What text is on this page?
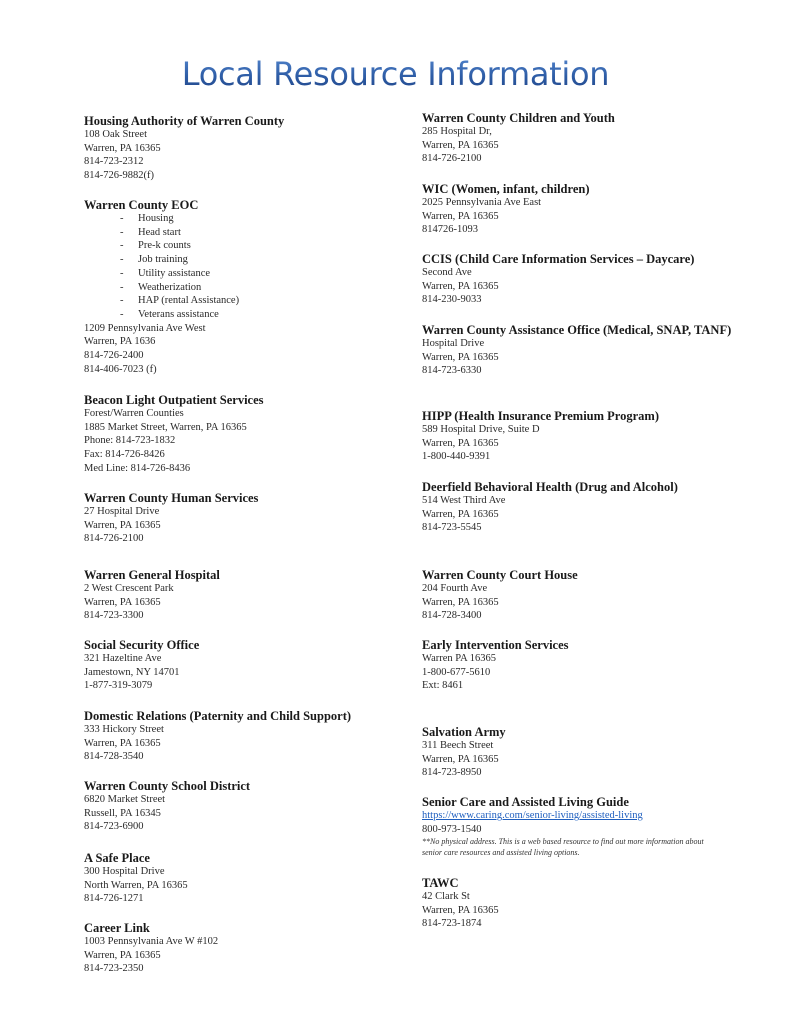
Local Resource Information
Housing Authority of Warren County
108 Oak Street
Warren, PA 16365
814-723-2312
814-726-9882(f)
Warren County EOC
- Housing
- Head start
- Pre-k counts
- Job training
- Utility assistance
- Weatherization
- HAP (rental Assistance)
- Veterans assistance
1209 Pennsylvania Ave West
Warren, PA 1636
814-726-2400
814-406-7023 (f)
Beacon Light Outpatient Services
Forest/Warren Counties
1885 Market Street, Warren, PA 16365
Phone: 814-723-1832
Fax: 814-726-8426
Med Line: 814-726-8436
Warren County Human Services
27 Hospital Drive
Warren, PA 16365
814-726-2100
Warren General Hospital
2 West Crescent Park
Warren, PA 16365
814-723-3300
Social Security Office
321 Hazeltine Ave
Jamestown, NY 14701
1-877-319-3079
Domestic Relations (Paternity and Child Support)
333 Hickory Street
Warren, PA 16365
814-728-3540
Warren County School District
6820 Market Street
Russell, PA 16345
814-723-6900
A Safe Place
300 Hospital Drive
North Warren, PA 16365
814-726-1271
Career Link
1003 Pennsylvania Ave W #102
Warren, PA 16365
814-723-2350
Warren County Children and Youth
285 Hospital Dr,
Warren, PA 16365
814-726-2100
WIC (Women, infant, children)
2025 Pennsylvania Ave East
Warren, PA 16365
814726-1093
CCIS (Child Care Information Services – Daycare)
Second Ave
Warren, PA 16365
814-230-9033
Warren County Assistance Office (Medical, SNAP, TANF)
Hospital Drive
Warren, PA 16365
814-723-6330
HIPP (Health Insurance Premium Program)
589 Hospital Drive, Suite D
Warren, PA 16365
1-800-440-9391
Deerfield Behavioral Health (Drug and Alcohol)
514 West Third Ave
Warren, PA 16365
814-723-5545
Warren County Court House
204 Fourth Ave
Warren, PA 16365
814-728-3400
Early Intervention Services
Warren PA 16365
1-800-677-5610
Ext: 8461
Salvation Army
311 Beech Street
Warren, PA 16365
814-723-8950
Senior Care and Assisted Living Guide
https://www.caring.com/senior-living/assisted-living
800-973-1540
**No physical address. This is a web based resource to find out more information about senior care resources and assisted living options.
TAWC
42 Clark St
Warren, PA 16365
814-723-1874
